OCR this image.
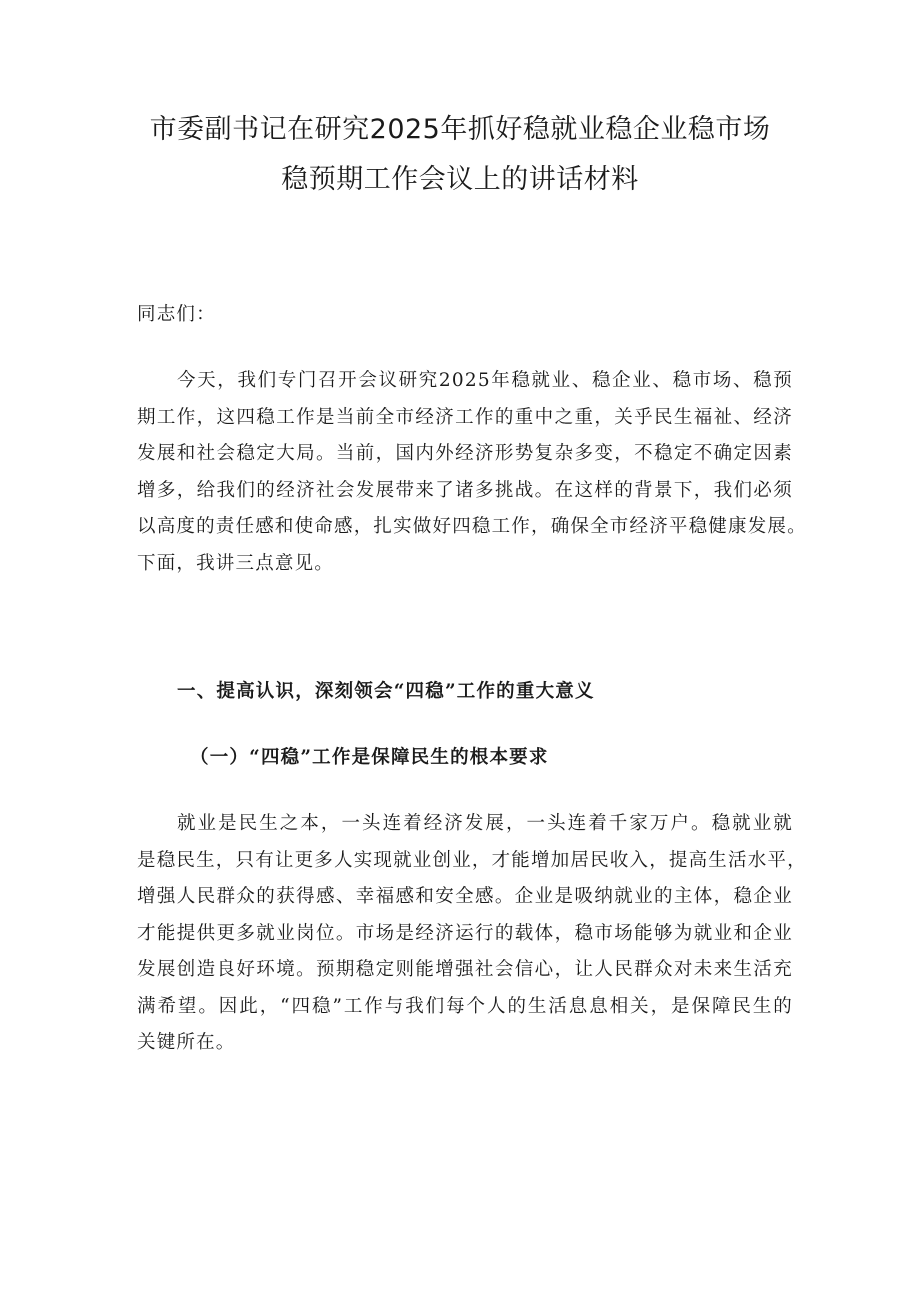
市委副书记在研究2025年抓好稳就业稳企业稳市场
稳预期工作会议上的讲话材料

同志们：

今天，我们专门召开会议研究2025年稳就业、稳企业、稳市场、稳预
期工作，这四稳工作是当前全市经济工作的重中之重，关乎民生福祉、经济
发展和社会稳定大局。当前，国内外经济形势复杂多变，不稳定不确定因素
增多，给我们的经济社会发展带来了诸多挑战。在这样的背景下，我们必须
以高度的责任感和使命感，扎实做好四稳工作，确保全市经济平稳健康发展。
下面，我讲三点意见。
一、提高认识，深刻领会“四稳”工作的重大意义
（一）“四稳”工作是保障民生的根本要求
就业是民生之本，一头连着经济发展，一头连着千家万户。稳就业就
是稳民生，只有让更多人实现就业创业，才能增加居民收入，提高生活水平，
增强人民群众的获得感、幸福感和安全感。企业是吸纳就业的主体，稳企业
才能提供更多就业岗位。市场是经济运行的载体，稳市场能够为就业和企业
发展创造良好环境。预期稳定则能增强社会信心，让人民群众对未来生活充
满希望。因此，“四稳”工作与我们每个人的生活息息相关，是保障民生的
关键所在。
